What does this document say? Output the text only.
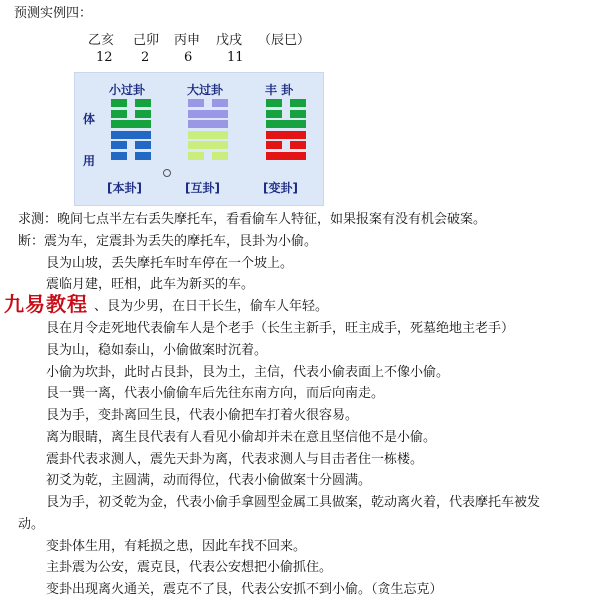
预测实例四：
乙亥 己卯 丙申 戊戌 （辰巳）
12 2	6	11
体
用
小过卦	大过卦	丰 卦
[本卦]	[互卦]	[变卦]
求测：晚间七点半左右丢失摩托车，看看偷车人特征，如果报案有没有机会破案。
断：震为车，定震卦为丢失的摩托车，艮卦为小偷。
艮为山坡，丢失摩托车时车停在一个坡上。
震临月建，旺相，此车为新买的车。
、艮为少男，在日干长生，偷车人年轻。
艮在月令走死地代表偷车人是个老手（长生主新手，旺主成手，死墓绝地主老手）
艮为山，稳如泰山，小偷做案时沉着。
小偷为坎卦，此时占艮卦，艮为土，主信，代表小偷表面上不像小偷。
艮一巽一离，代表小偷偷车后先往东南方向，而后向南走。
艮为手，变卦离回生艮，代表小偷把车打着火很容易。
离为眼睛，离生艮代表有人看见小偷却并未在意且坚信他不是小偷。
震卦代表求测人，震先天卦为离，代表求测人与目击者住一栋楼。
初爻为乾，主圆满，动而得位，代表小偷做案十分圆满。
艮为手，初爻乾为金，代表小偷手拿圆型金属工具做案，乾动离火着，代表摩托车被发
动。
变卦体生用，有耗损之患，因此车找不回来。
主卦震为公安，震克艮，代表公安想把小偷抓住。
变卦出现离火通关，震克不了艮，代表公安抓不到小偷。（贪生忘克）
九易教程
